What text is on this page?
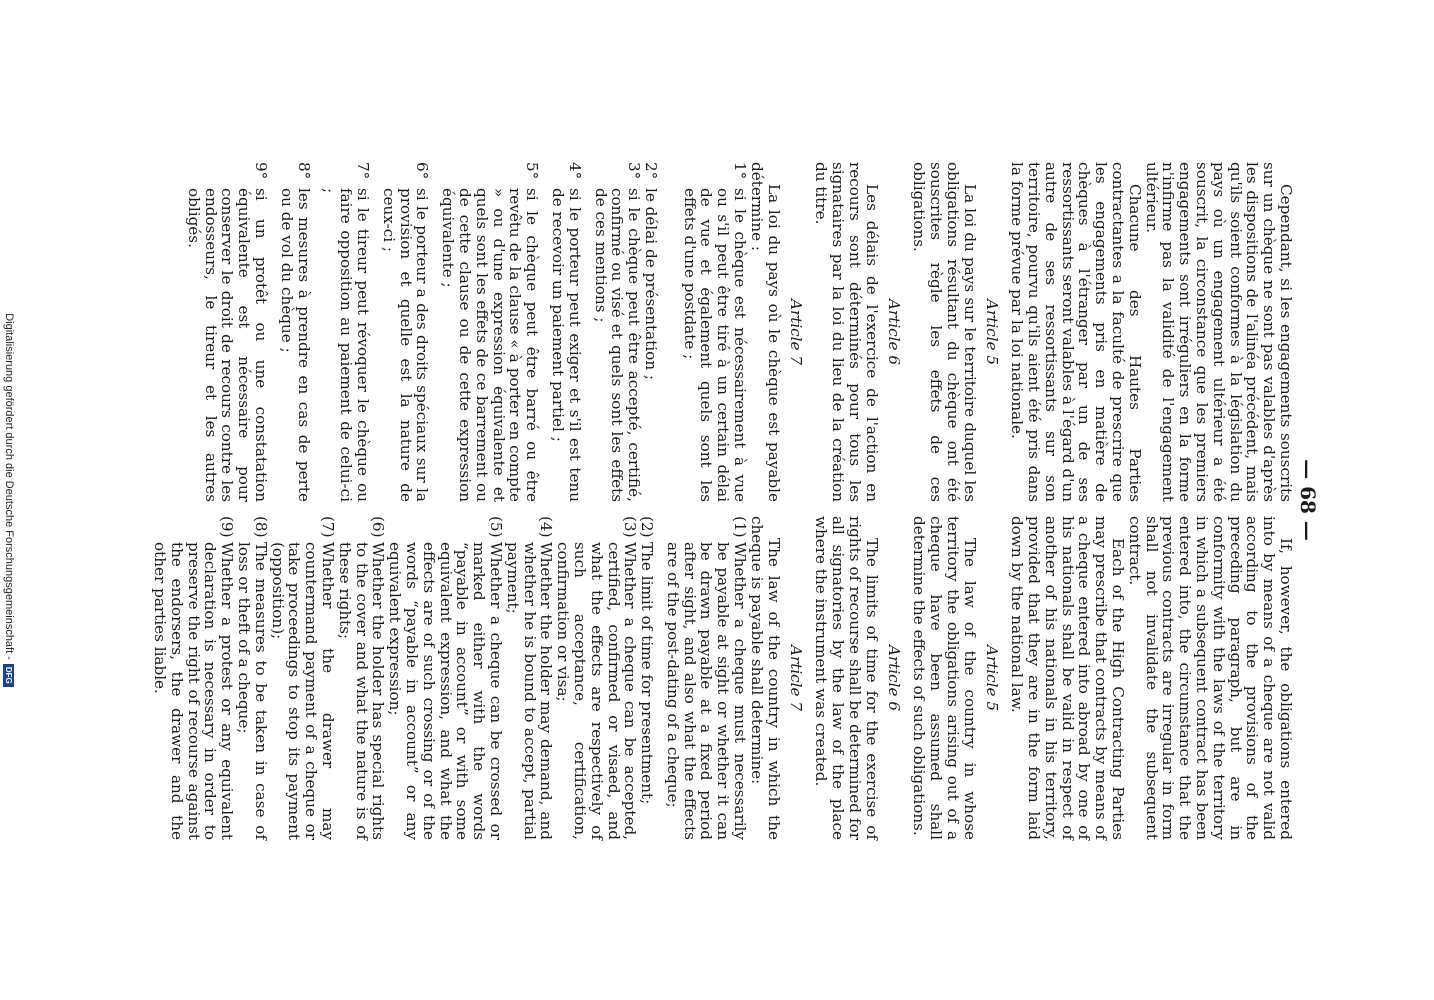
— 68 —

Cependant, si les engagements souscrits sur un chèque ne sont pas valables d'après les dispositions de l'alinéa précédent, mais qu'ils soient conformes à la législation du pays où un engagement ultérieur a été souscrit, la circonstance que les premiers engagements sont irréguliers en la forme n'infirme pas la validité de l'engagement ultérieur.

Chacune des Hautes Parties contractantes a la faculté de prescrire que les engagements pris en matière de chèques à l'étranger par un de ses ressortissants seront valables à l'égard d'un autre de ses ressortissants sur son territoire, pourvu qu'ils aient été pris dans la forme prévue par la loi nationale.

Article 5

La loi du pays sur le territoire duquel les obligations résultant du chèque ont été souscrites règle les effets de ces obligations.

Article 6

Les délais de l'exercice de l'action en recours sont déterminés pour tous les signataires par la loi du lieu de la création du titre.

Article 7

La loi du pays où le chèque est payable détermine :

1°
si le chèque est nécessairement à vue ou s'il peut être tiré à un certain délai de vue et également quels sont les effets d'une postdate ;
2°
le délai de présentation ;
3°
si le chèque peut être accepté, certifié, confirmé ou visé et quels sont les effets de ces mentions ;
4°
si le porteur peut exiger et s'il est tenu de recevoir un paiement partiel ;
5°
si le chèque peut être barré ou être revêtu de la clause « à porter en compte » ou d'une expression équivalente et quels sont les effets de ce barrement ou de cette clause ou de cette expression équivalente ;
6°
si le porteur a des droits spéciaux sur la provision et quelle est la nature de ceux-ci ;
7°
si le tireur peut révoquer le chèque ou faire opposition au paiement de celui-ci ;
8°
les mesures à prendre en cas de perte ou de vol du chèque ;
9°
si un protêt ou une constatation équivalente est nécessaire pour conserver le droit de recours contre les endosseurs, le tireur et les autres obligés.

If, however, the obligations entered into by means of a cheque are not valid according to the provisions of the preceding paragraph, but are in conformity with the laws of the territory in which a subsequent contract has been entered into, the circumstance that the previous contracts are irregular in form shall not invalidate the subsequent contract.

Each of the High Contracting Parties may prescribe that contracts by means of a cheque entered into abroad by one of his nationals shall be valid in respect of another of his nationals in his territory, provided that they are in the form laid down by the national law.

Article 5

The law of the country in whose territory the obligations arising out of a cheque have been assumed shall determine the effects of such obligations.

Article 6

The limits of time for the exercise of rights of recourse shall be determined for all signatories by the law of the place where the instrument was created.

Article 7

The law of the country in which the cheque is payable shall determine:

(1)
Whether a cheque must necessarily be payable at sight or whether it can be drawn payable at a fixed period after sight, and also what the effects are of the post-dating of a cheque;
(2)
The limit of time for presentment;
(3)
Whether a cheque can be accepted, certified, confirmed or visaed, and what the effects are respectively of such acceptance, certification, confirmation or visa;
(4)
Whether the holder may demand, and whether he is bound to accept, partial payment;
(5)
Whether a cheque can be crossed or marked either with the words “payable in account” or with some equivalent expression, and what the effects are of such crossing or of the words “payable in account” or any equivalent expression;
(6)
Whether the holder has special rights to the cover and what the nature is of these rights;
(7)
Whether the drawer may countermand payment of a cheque or take proceedings to stop its payment (opposition);
(8)
The measures to be taken in case of loss or theft of a cheque;
(9)
Whether a protest or any equivalent declaration is necessary in order to preserve the right of recourse against the endorsers, the drawer and the other parties liable.
Digitalisierung gefördert durch die Deutsche Forschungsgemeinschaft -DFG
